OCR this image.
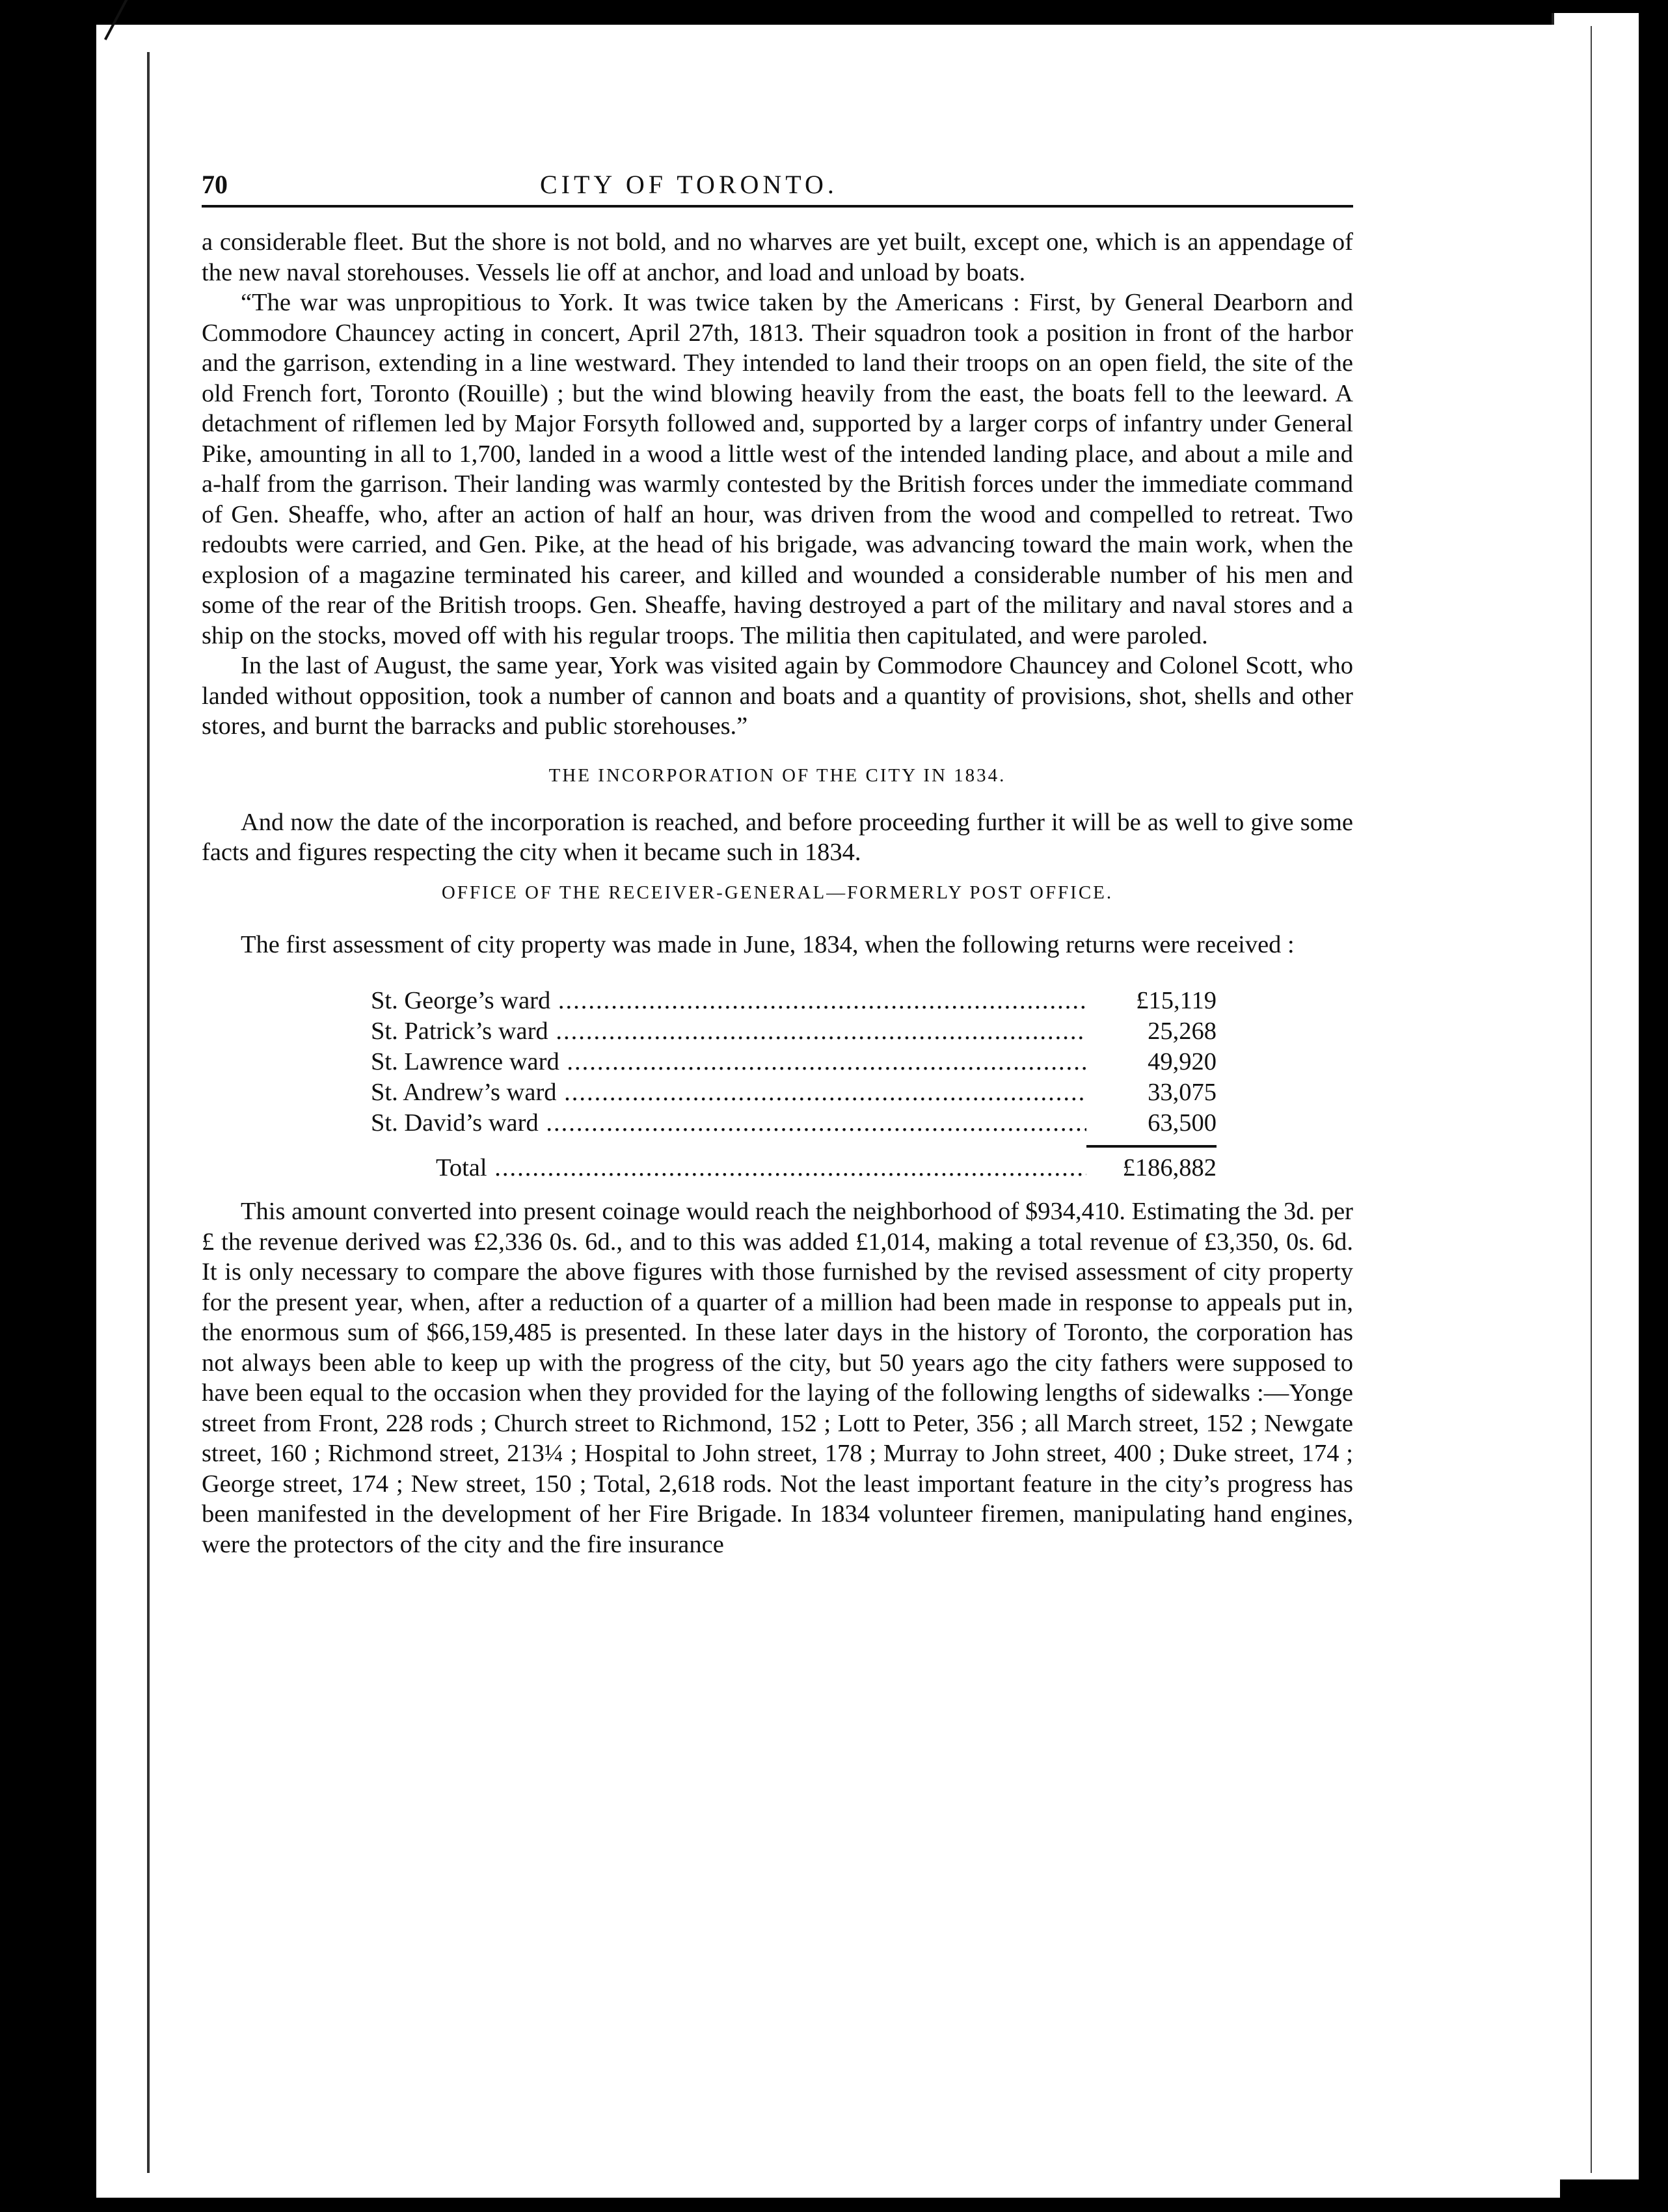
70	CITY OF TORONTO.

a considerable fleet. But the shore is not bold, and no wharves are yet built, except one, which is an appendage of the new naval storehouses. Vessels lie off at anchor, and load and unload by boats.

“The war was unpropitious to York. It was twice taken by the Americans : First, by General Dearborn and Commodore Chauncey acting in concert, April 27th, 1813. Their squadron took a position in front of the harbor and the garrison, extending in a line westward. They intended to land their troops on an open field, the site of the old French fort, Toronto (Rouille) ; but the wind blowing heavily from the east, the boats fell to the leeward. A detachment of riflemen led by Major Forsyth followed and, supported by a larger corps of infantry under General Pike, amounting in all to 1,700, landed in a wood a little west of the intended landing place, and about a mile and a-half from the garrison. Their landing was warmly contested by the British forces under the immediate command of Gen. Sheaffe, who, after an action of half an hour, was driven from the wood and compelled to retreat. Two redoubts were carried, and Gen. Pike, at the head of his brigade, was advancing toward the main work, when the explosion of a magazine terminated his career, and killed and wounded a considerable number of his men and some of the rear of the British troops. Gen. Sheaffe, having destroyed a part of the military and naval stores and a ship on the stocks, moved off with his regular troops. The militia then capitulated, and were paroled.

In the last of August, the same year, York was visited again by Commodore Chauncey and Colonel Scott, who landed without opposition, took a number of cannon and boats and a quantity of provisions, shot, shells and other stores, and burnt the barracks and public storehouses.”

THE INCORPORATION OF THE CITY IN 1834.

And now the date of the incorporation is reached, and before proceeding further it will be as well to give some facts and figures respecting the city when it became such in 1834.

OFFICE OF THE RECEIVER-GENERAL—FORMERLY POST OFFICE.

The first assessment of city property was made in June, 1834, when the following returns were received :

St. George’s ward .....	£15,119
St. Patrick’s ward .....	25,268
St. Lawrence ward .....	49,920
St. Andrew’s ward .....	33,075
St. David’s ward .....	63,500
Total .....	£186,882

This amount converted into present coinage would reach the neighborhood of $934,410. Estimating the 3d. per £ the revenue derived was £2,336 0s. 6d., and to this was added £1,014, making a total revenue of £3,350, 0s. 6d. It is only necessary to compare the above figures with those furnished by the revised assessment of city property for the present year, when, after a reduction of a quarter of a million had been made in response to appeals put in, the enormous sum of $66,159,485 is presented. In these later days in the history of Toronto, the corporation has not always been able to keep up with the progress of the city, but 50 years ago the city fathers were supposed to have been equal to the occasion when they provided for the laying of the following lengths of sidewalks :—Yonge street from Front, 228 rods ; Church street to Richmond, 152 ; Lott to Peter, 356 ; all March street, 152 ; Newgate street, 160 ; Richmond street, 213¼ ; Hospital to John street, 178 ; Murray to John street, 400 ; Duke street, 174 ; George street, 174 ; New street, 150 ; Total, 2,618 rods. Not the least important feature in the city’s progress has been manifested in the development of her Fire Brigade. In 1834 volunteer firemen, manipulating hand engines, were the protectors of the city and the fire insurance
